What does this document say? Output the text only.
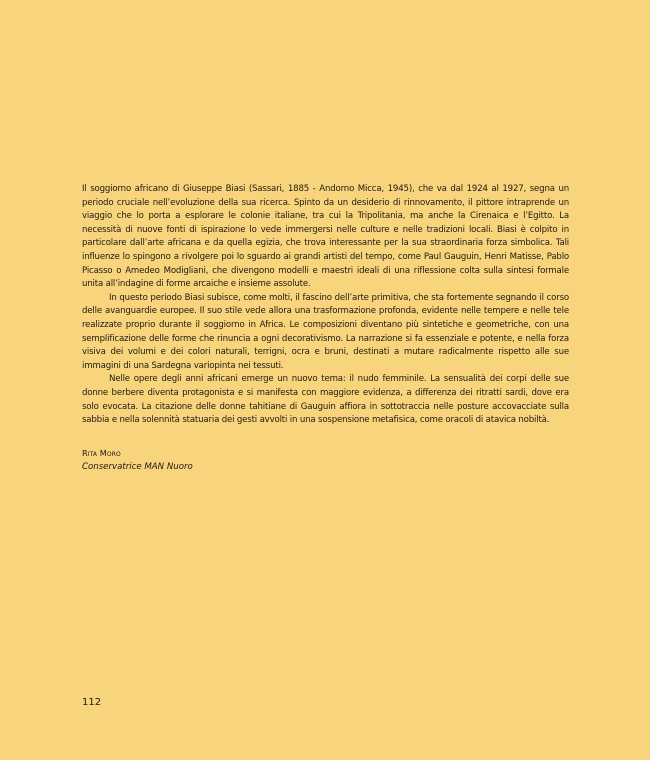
Il soggiorno africano di Giuseppe Biasi (Sassari, 1885 - Andorno Micca, 1945), che va dal 1924 al 1927, segna un periodo cruciale nell’evoluzione della sua ricerca. Spinto da un desiderio di rinnovamento, il pittore intraprende un viaggio che lo porta a esplorare le colonie italiane, tra cui la Tripolitania, ma anche la Cirenaica e l’Egitto. La necessità di nuove fonti di ispirazione lo vede immergersi nelle culture e nelle tradizioni locali. Biasi è colpito in particolare dall’arte africana e da quella egizia, che trova interessante per la sua straordinaria forza simbolica. Tali influenze lo spingono a rivolgere poi lo sguardo ai grandi artisti del tempo, come Paul Gauguin, Henri Matisse, Pablo Picasso o Amedeo Modigliani, che divengono modelli e maestri ideali di una riflessione colta sulla sintesi formale unita all’indagine di forme arcaiche e insieme assolute.

In questo periodo Biasi subisce, come molti, il fascino dell’arte primitiva, che sta fortemente segnando il corso delle avanguardie europee. Il suo stile vede allora una trasformazione profonda, evidente nelle tempere e nelle tele realizzate proprio durante il soggiorno in Africa. Le composizioni diventano più sintetiche e geometriche, con una semplificazione delle forme che rinuncia a ogni decorativismo. La narrazione si fa essenziale e potente, e nella forza visiva dei volumi e dei colori naturali, terrigni, ocra e bruni, destinati a mutare radicalmente rispetto alle sue immagini di una Sardegna variopinta nei tessuti.

Nelle opere degli anni africani emerge un nuovo tema: il nudo femminile. La sensualità dei corpi delle sue donne berbere diventa protagonista e si manifesta con maggiore evidenza, a differenza dei ritratti sardi, dove era solo evocata. La citazione delle donne tahitiane di Gauguin affiora in sottotraccia nelle posture accovacciate sulla sabbia e nella solennità statuaria dei gesti avvolti in una sospensione metafisica, come oracoli di atavica nobiltà.

Rita Moro
Conservatrice MAN Nuoro
112
